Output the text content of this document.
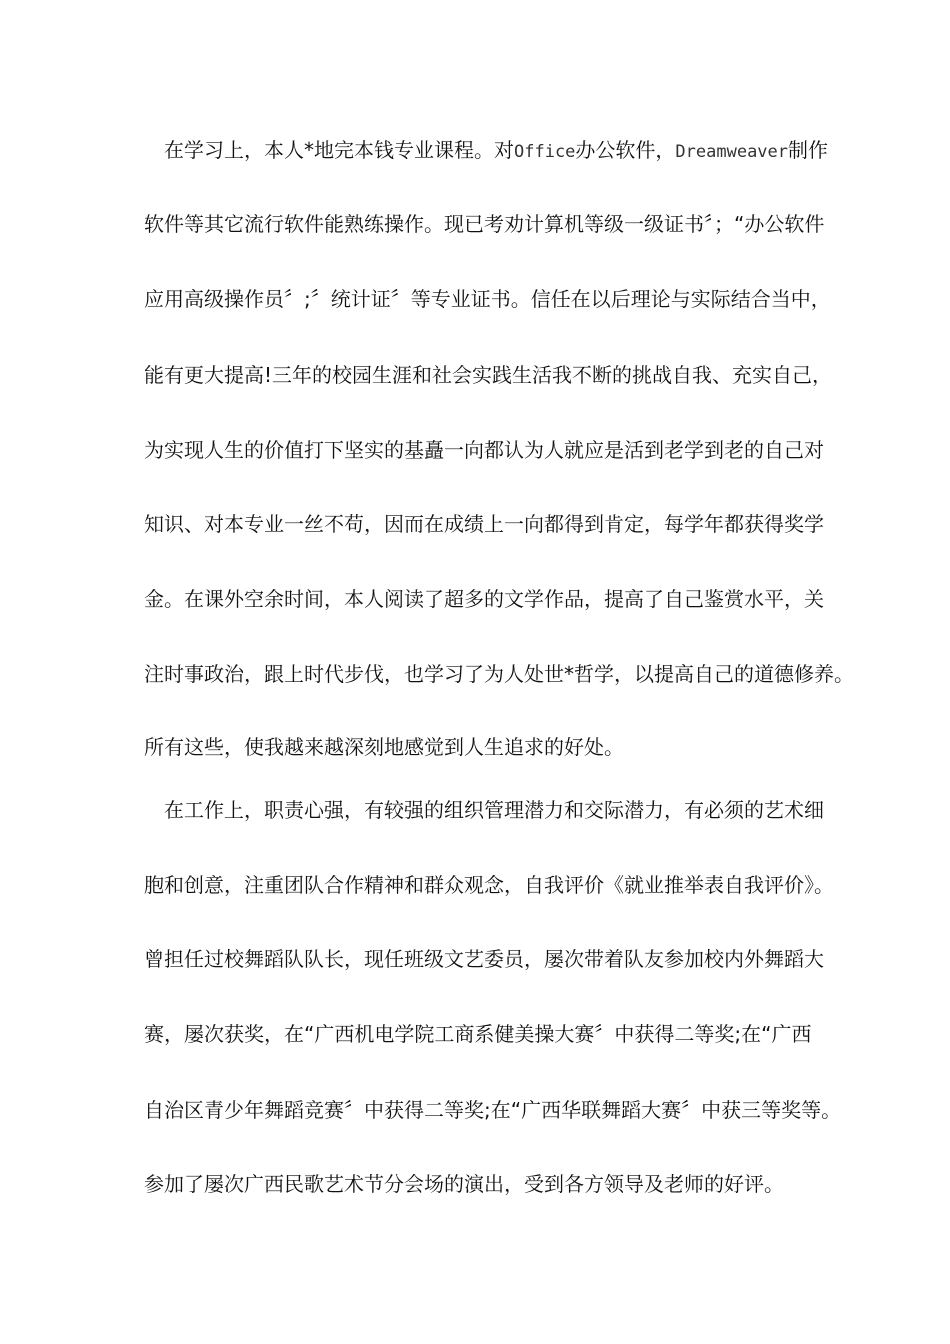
　在学习上，本人*地完本钱专业课程。对Office办公软件，Dreamweaver制作
软件等其它流行软件能熟练操作。现已考劝计算机等级一级证书〞；“办公软件
应用高级操作员〞;〞统计证〞等专业证书。信任在以后理论与实际结合当中，
能有更大提高!三年的校园生涯和社会实践生活我不断的挑战自我、充实自己，
为实现人生的价值打下坚实的基矗一向都认为人就应是活到老学到老的自己对
知识、对本专业一丝不苟，因而在成绩上一向都得到肯定，每学年都获得奖学
金。在课外空余时间，本人阅读了超多的文学作品，提高了自己鉴赏水平，关
注时事政治，跟上时代步伐，也学习了为人处世*哲学，以提高自己的道德修养。
所有这些，使我越来越深刻地感觉到人生追求的好处。
　在工作上，职责心强，有较强的组织管理潜力和交际潜力，有必须的艺术细
胞和创意，注重团队合作精神和群众观念，自我评价《就业推举表自我评价》。
曾担任过校舞蹈队队长，现任班级文艺委员，屡次带着队友参加校内外舞蹈大
赛，屡次获奖，在“广西机电学院工商系健美操大赛〞中获得二等奖;在“广西
自治区青少年舞蹈竞赛〞中获得二等奖;在“广西华联舞蹈大赛〞中获三等奖等。
参加了屡次广西民歌艺术节分会场的演出，受到各方领导及老师的好评。
